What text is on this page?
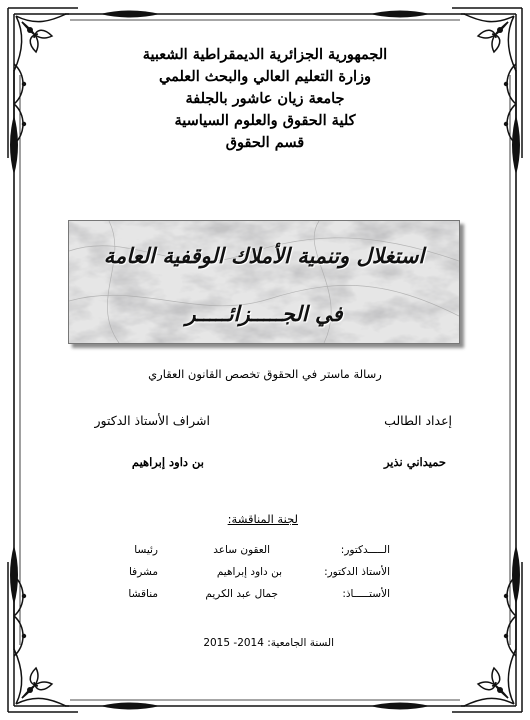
الجمهورية الجزائرية الديمقراطية الشعبية
وزارة التعليم العالي والبحث العلمي
جامعة زيان عاشور بالجلفة
كلية الحقوق والعلوم السياسية
قسم الحقوق
استغلال وتنمية الأملاك الوقفية العامة
في الجـــــزائـــــر
رسالة ماستر في الحقوق تخصص القانون العقاري
إعداد الطالب
اشراف الأستاذ الدكتور
حميداني نذير
بن داود إبراهيم
لجنة المناقشة:
الـــــدكتور:
العقون ساعد
رئيسا
الأستاذ الدكتور:
بن داود إبراهيم
مشرفا
الأستـــــاذ:
جمال عبد الكريم
مناقشا
السنة الجامعية: 2014- 2015
